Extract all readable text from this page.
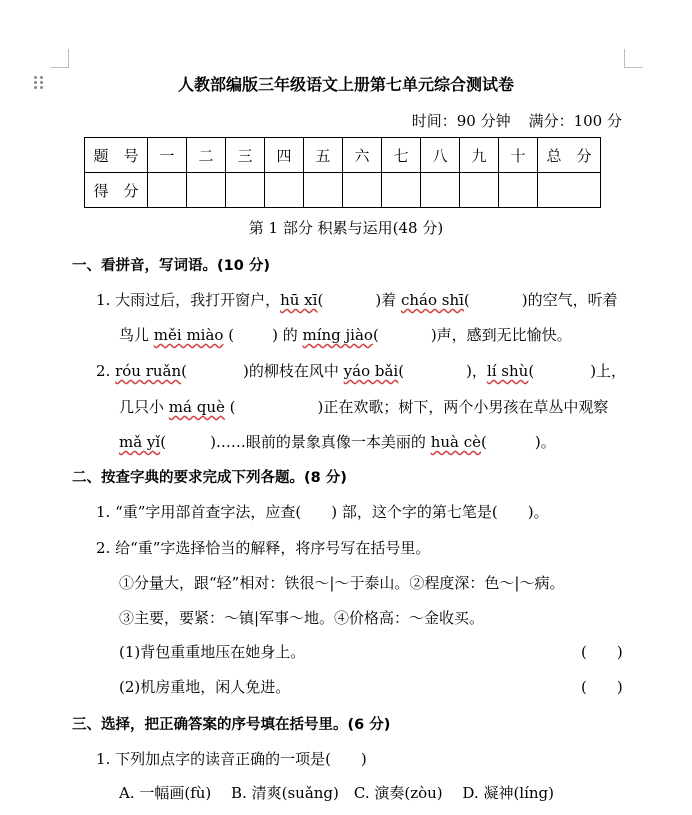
人教部编版三年级语文上册第七单元综合测试卷
时间：90 分钟 满分：100 分
题　号	一	二	三	四	五	六	七	八	九	十	总　分
得　分											
第 1 部分 积累与运用(48 分)
一、看拼音，写词语。(10 分)
1. 大雨过后，我打开窗户，hū xī(	)着 cháo shī(	)的空气，听着
鸟儿 měi miào (	) 的 míng jiào(	)声，感到无比愉快。
2. róu ruǎn(	)的柳枝在风中 yáo bǎi(	)，lí shù(	)上，
几只小 má què (	)正在欢歌；树下，两个小男孩在草丛中观察
mǎ yǐ(	)……眼前的景象真像一本美丽的 huà cè(	)。
二、按查字典的要求完成下列各题。(8 分)
1. “重”字用部首查字法，应查(　　) 部，这个字的第七笔是(　　)。
2. 给“重”字选择恰当的解释，将序号写在括号里。
①分量大，跟“轻”相对：铁很～|～于泰山。②程度深：色～|～病。
③主要，要紧：～镇|军事～地。④价格高：～金收买。
(1)背包重重地压在她身上。	(　　)
(2)机房重地，闲人免进。	(　　)
三、选择，把正确答案的序号填在括号里。(6 分)
1. 下列加点字的读音正确的一项是(　　)
A. 一幅画(fù)　 B. 清爽(suǎng)　C. 演奏(zòu)　 D. 凝神(líng)
